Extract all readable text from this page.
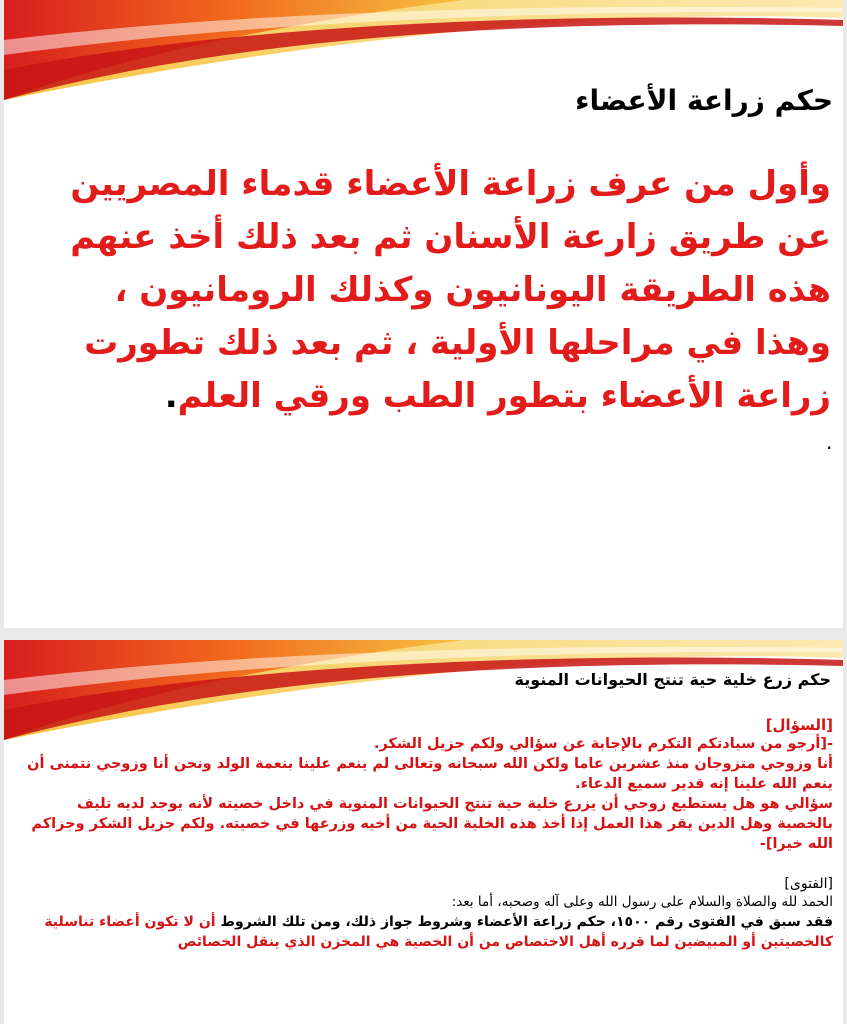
حكم زراعة الأعضاء
وأول من عرف زراعة الأعضاء قدماء المصريين عن طريق زارعة الأسنان ثم بعد ذلك أخذ عنهم هذه الطريقة اليونانيون وكذلك الرومانيون ، وهذا في مراحلها الأولية ، ثم بعد ذلك تطورت زراعة الأعضاء بتطور الطب ورقي العلم.
.
حكم زرع خلية حية تنتج الحيوانات المنوية
[السؤال]

-[أرجو من سيادتكم التكرم بالإجابة عن سؤالي ولكم جزيل الشكر.

أنا وزوجي متزوجان منذ عشرين عاما ولكن الله سبحانه وتعالى لم ينعم علينا بنعمة الولد ونحن أنا وزوجي نتمنى أن ينعم الله علينا إنه قدير سميع الدعاء.

سؤالي هو هل يستطيع زوجي أن يزرع خلية حية تنتج الحيوانات المنوية في داخل خصيته لأنه يوجد لديه تليف بالخصية وهل الدين يقر هذا العمل إذا أخذ هذه الخلية الحية من أخيه وزرعها في خصيته. ولكم جزيل الشكر وجزاكم الله خيرا]-

[الفتوى]
الحمد لله والصلاة والسلام على رسول الله وعلى آله وصحبه، أما بعد:
فقد سبق في الفتوى رقم ١٥٠٠، حكم زراعة الأعضاء وشروط جواز ذلك، ومن تلك الشروط أن لا تكون أعضاء تناسلية كالخصيتين أو المبيضين لما قرره أهل الاختصاص من أن الخصية هي المخزن الذي ينقل الخصائص
